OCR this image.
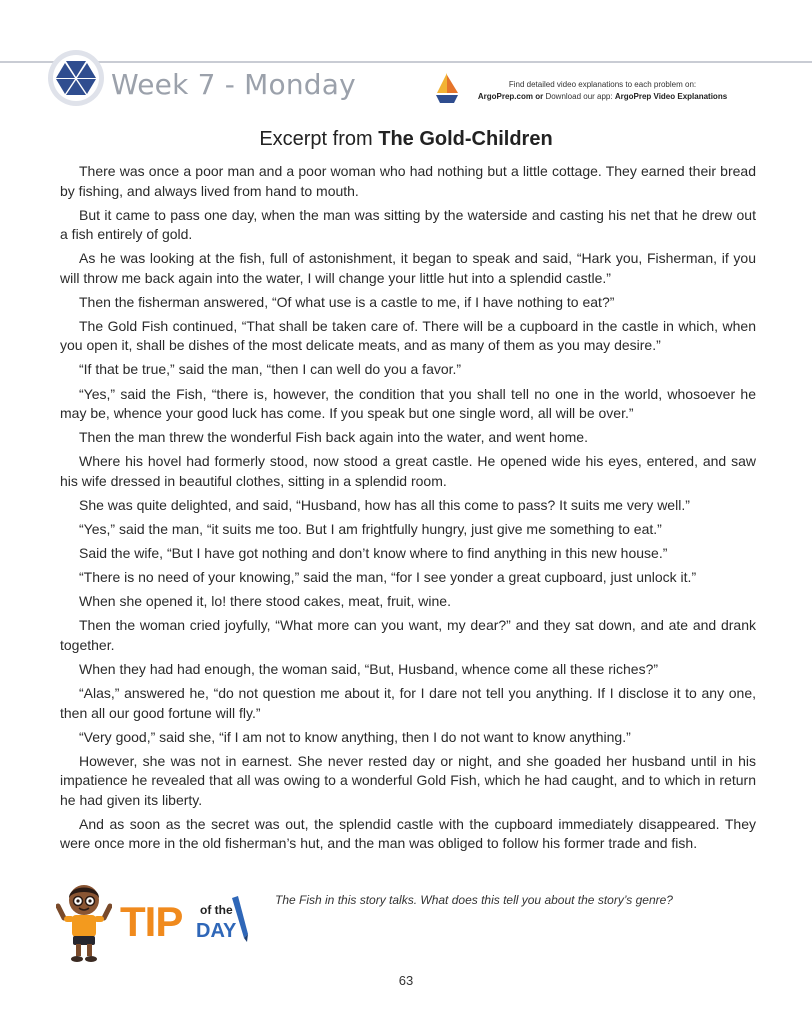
Week 7 - Monday	Find detailed video explanations to each problem on:
ArgoPrep.com or Download our app: ArgoPrep Video Explanations
Excerpt from The Gold-Children

There was once a poor man and a poor woman who had nothing but a little cottage. They earned their bread by fishing, and always lived from hand to mouth.

But it came to pass one day, when the man was sitting by the waterside and casting his net that he drew out a fish entirely of gold.

As he was looking at the fish, full of astonishment, it began to speak and said, “Hark you, Fisherman, if you will throw me back again into the water, I will change your little hut into a splendid castle.”

Then the fisherman answered, “Of what use is a castle to me, if I have nothing to eat?”

The Gold Fish continued, “That shall be taken care of. There will be a cupboard in the castle in which, when you open it, shall be dishes of the most delicate meats, and as many of them as you may desire.”

“If that be true,” said the man, “then I can well do you a favor.”

“Yes,” said the Fish, “there is, however, the condition that you shall tell no one in the world, whosoever he may be, whence your good luck has come. If you speak but one single word, all will be over.”

Then the man threw the wonderful Fish back again into the water, and went home.

Where his hovel had formerly stood, now stood a great castle. He opened wide his eyes, entered, and saw his wife dressed in beautiful clothes, sitting in a splendid room.

She was quite delighted, and said, “Husband, how has all this come to pass? It suits me very well.”

“Yes,” said the man, “it suits me too. But I am frightfully hungry, just give me something to eat.”

Said the wife, “But I have got nothing and don’t know where to find anything in this new house.”

“There is no need of your knowing,” said the man, “for I see yonder a great cupboard, just unlock it.”

When she opened it, lo! there stood cakes, meat, fruit, wine.

Then the woman cried joyfully, “What more can you want, my dear?” and they sat down, and ate and drank together.

When they had had enough, the woman said, “But, Husband, whence come all these riches?”

“Alas,” answered he, “do not question me about it, for I dare not tell you anything. If I disclose it to any one, then all our good fortune will fly.”

“Very good,” said she, “if I am not to know anything, then I do not want to know anything.”

However, she was not in earnest. She never rested day or night, and she goaded her husband until in his impatience he revealed that all was owing to a wonderful Gold Fish, which he had caught, and to which in return he had given its liberty.

And as soon as the secret was out, the splendid castle with the cupboard immediately disappeared. They were once more in the old fisherman’s hut, and the man was obliged to follow his former trade and fish.

TIP of the
DAY
The Fish in this story talks. What does this tell you about the story’s genre?
63
